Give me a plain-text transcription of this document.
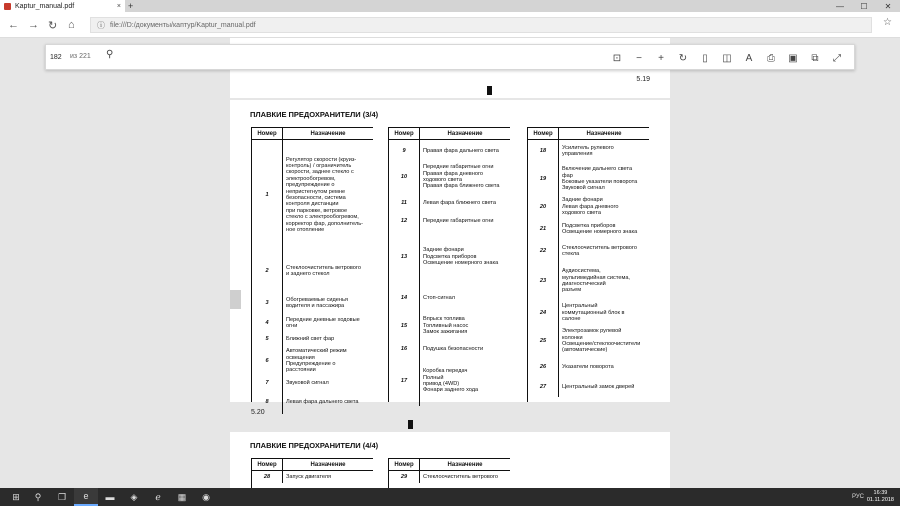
Kaptur_manual.pdf	× +	—	☐	✕
← → ↻ ⌂	ⓘ file:///D:/документы/каптур/Kaptur_manual.pdf	☆
182	из 221 ⚲	⊡	−	+	↻	▯	◫	A	⎙	▣	⧉	⤢
5.19
ПЛАВКИЕ ПРЕДОХРАНИТЕЛИ (3/4)
Номер	Назначение
1
Регулятор скорости (круиз-
контроль) / ограничитель
скорости, заднее стекло с
электрообогревом,
предупреждение о
непристегнутом ремне
безопасности, система
контроля дистанции
при парковке, ветровое
стекло с электрообогревом,
корректор фар, дополнитель-
ное отопление
2
Стеклоочиститель ветрового
и заднего стекол
3
Обогреваемые сиденья
водителя и пассажира
4
Передние дневные ходовые
огни
5	Ближний свет фар
6
Автоматический режим
освещения
Предупреждение о
расстоянии
7	Звуковой сигнал
8	Левая фара дальнего света
Номер	Назначение
9	Правая фара дальнего света
10
Передние габаритные огни
Правая фара дневного
ходового света
Правая фара ближнего света
11	Левая фара ближнего света
12	Передние габаритные огни
13
Задние фонари
Подсветка приборов
Освещение номерного знака
14	Стоп-сигнал
15
Впрыск топлива
Топливный насос
Замок зажигания
16	Подушка безопасности
17
Коробка передач
Полный
привод (4WD)
Фонари заднего хода
Номер	Назначение
18
Усилитель рулевого
управления
19
Включение дальнего света
фар
Боковые указатели поворота
Звуковой сигнал
20
Задние фонари
Левая фара дневного
ходового света
21
Подсветка приборов
Освещение номерного знака
22
Стеклоочиститель ветрового
стекла
23
Аудиосистема,
мультимедийная система,
диагностический
разъем
24
Центральный
коммутационный блок в
салоне
25
Электрозамок рулевой
колонки
Освещение/стеклоочистители
(автоматические)
26	Указатели поворота
27	Центральный замок дверей
5.20
ПЛАВКИЕ ПРЕДОХРАНИТЕЛИ (4/4)
Номер	Назначение
28	Запуск двигателя
Номер	Назначение
29	Стеклоочиститель ветрового
⊞	⚲	❐	e	▬	◈	ℯ	▦	◉	РУС
16:39
01.11.2018
